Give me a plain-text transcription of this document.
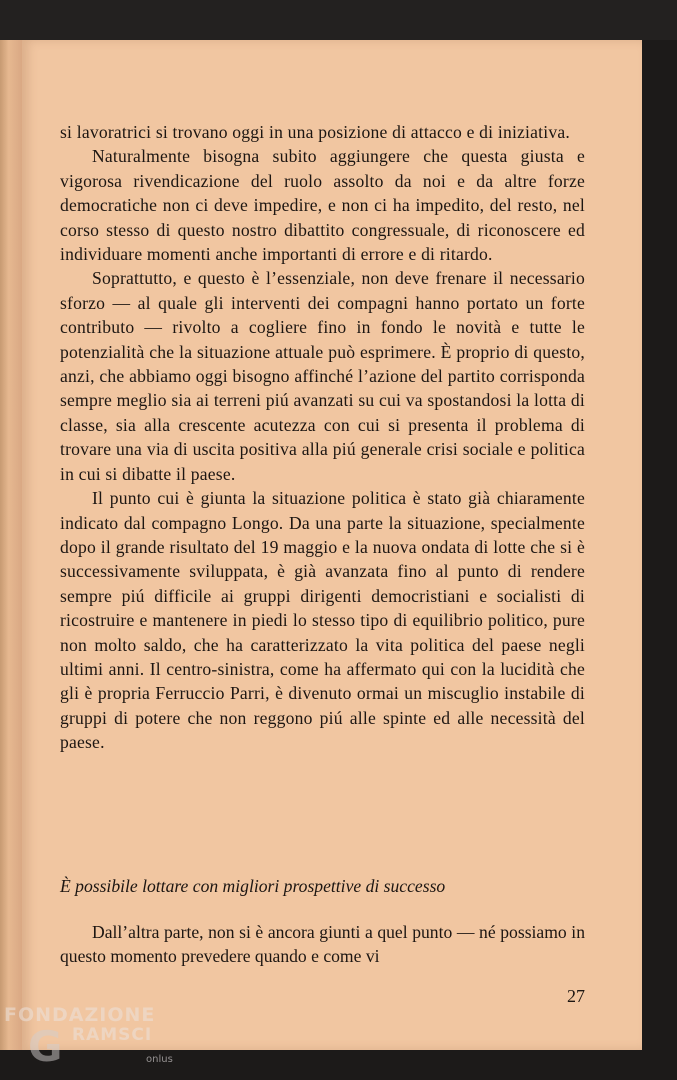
si lavoratrici si trovano oggi in una posizione di attacco e di iniziativa.

Naturalmente bisogna subito aggiungere che questa giusta e vigorosa rivendicazione del ruolo assolto da noi e da altre forze democratiche non ci deve impedire, e non ci ha impedito, del resto, nel corso stesso di questo nostro dibattito congressuale, di riconoscere ed individuare momenti anche importanti di errore e di ritardo.

Soprattutto, e questo è l’essenziale, non deve frenare il necessario sforzo — al quale gli interventi dei compagni hanno portato un forte contributo — rivolto a cogliere fino in fondo le novità e tutte le potenzialità che la situazione attuale può esprimere. È proprio di questo, anzi, che abbiamo oggi bisogno affinché l’azione del partito corrisponda sempre meglio sia ai terreni piú avanzati su cui va spostandosi la lotta di classe, sia alla crescente acutezza con cui si presenta il problema di trovare una via di uscita positiva alla piú generale crisi sociale e politica in cui si dibatte il paese.

Il punto cui è giunta la situazione politica è stato già chiaramente indicato dal compagno Longo. Da una parte la situazione, specialmente dopo il grande risultato del 19 maggio e la nuova ondata di lotte che si è successivamente sviluppata, è già avanzata fino al punto di rendere sempre piú difficile ai gruppi dirigenti democristiani e socialisti di ricostruire e mantenere in piedi lo stesso tipo di equilibrio politico, pure non molto saldo, che ha caratterizzato la vita politica del paese negli ultimi anni. Il centro-sinistra, come ha affermato qui con la lucidità che gli è propria Ferruccio Parri, è divenuto ormai un miscuglio instabile di gruppi di potere che non reggono piú alle spinte ed alle necessità del paese.

È possibile lottare con migliori prospettive di successo

Dall’altra parte, non si è ancora giunti a quel punto — né possiamo in questo momento prevedere quando e come vi

27
FONDAZIONE
G RAMSCI
onlus
